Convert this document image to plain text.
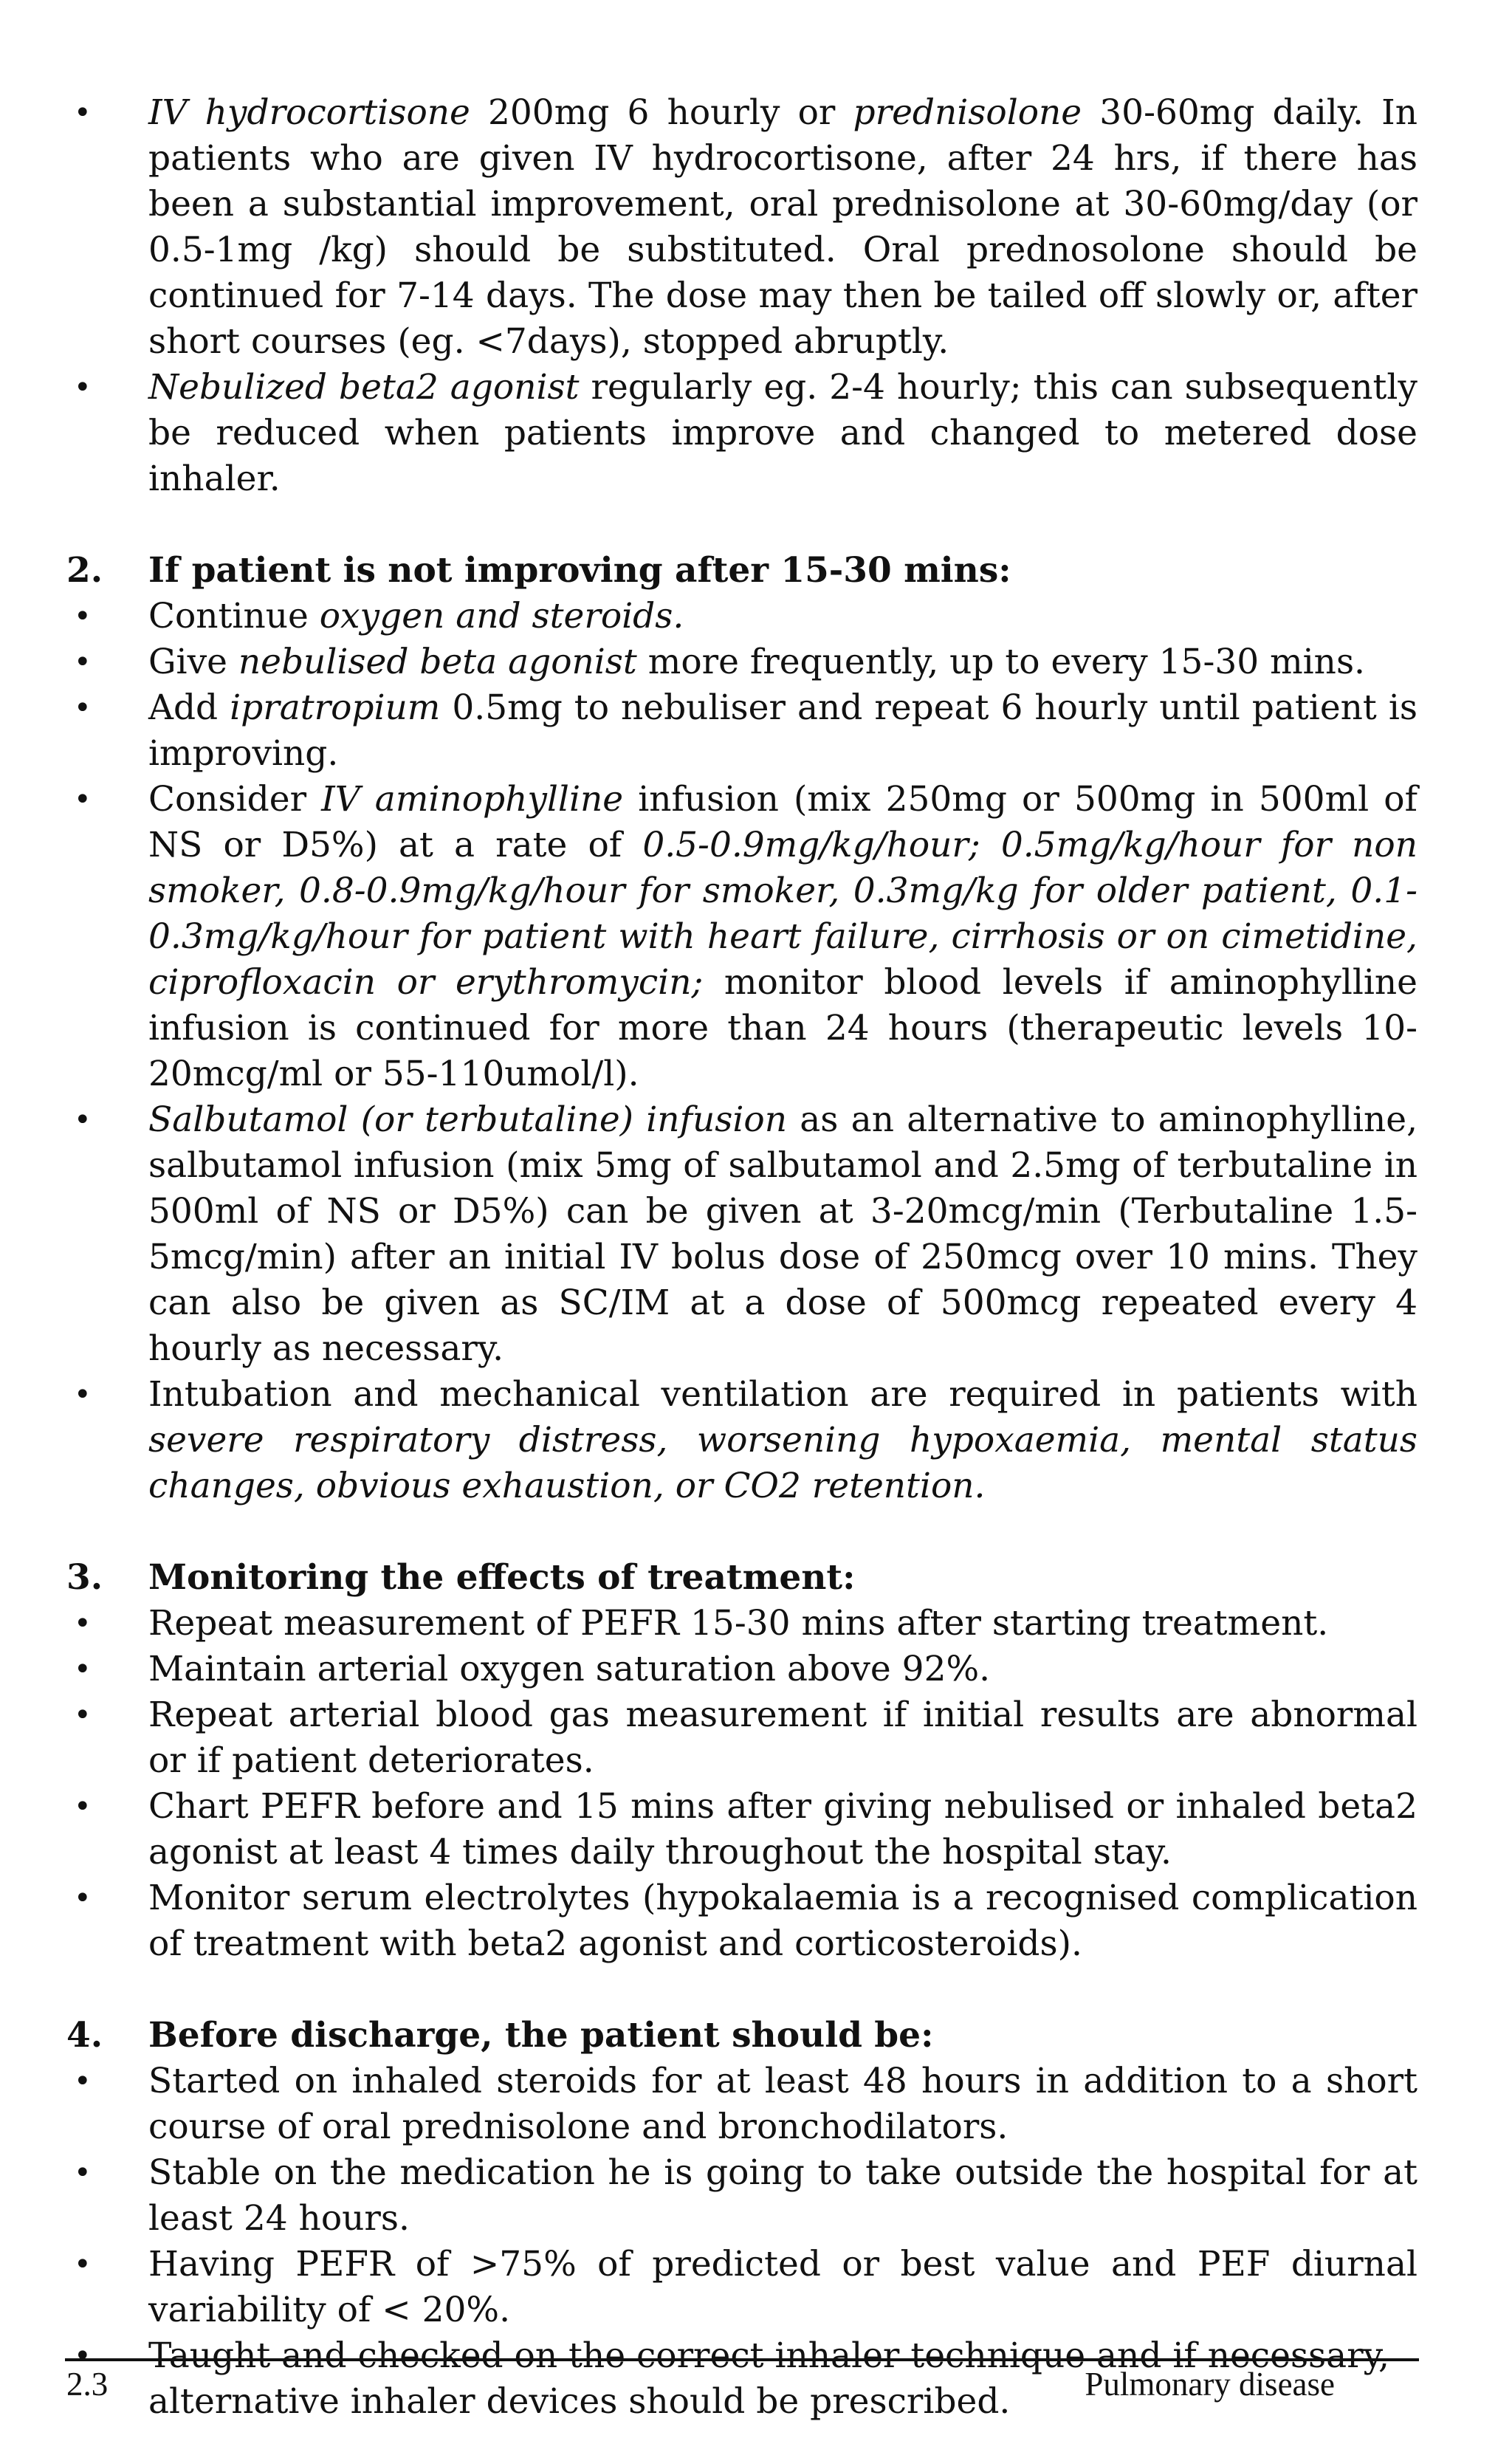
•	IV hydrocortisone 200mg 6 hourly or prednisolone 30-60mg daily. In patients who are given IV hydrocortisone, after 24 hrs, if there has been a substantial improvement, oral prednisolone at 30-60mg/day (or 0.5-1mg /kg) should be substituted. Oral prednosolone should be continued for 7-14 days. The dose may then be tailed off slowly or, after short courses (eg. <7days), stopped abruptly.
•	Nebulized beta2 agonist regularly eg. 2-4 hourly; this can subsequently be reduced when patients improve and changed to metered dose inhaler.
2.	If patient is not improving after 15-30 mins:
•	Continue oxygen and steroids.
•	Give nebulised beta agonist more frequently, up to every 15-30 mins.
•	Add ipratropium 0.5mg to nebuliser and repeat 6 hourly until patient is improving.
•	Consider IV aminophylline infusion (mix 250mg or 500mg in 500ml of NS or D5%) at a rate of 0.5-0.9mg/kg/hour; 0.5mg/kg/hour for non smoker, 0.8-0.9mg/kg/hour for smoker, 0.3mg/kg for older patient, 0.1-0.3mg/kg/hour for patient with heart failure, cirrhosis or on cimetidine, ciprofloxacin or erythromycin; monitor blood levels if aminophylline infusion is continued for more than 24 hours (therapeutic levels 10-20mcg/ml or 55-110umol/l).
•	Salbutamol (or terbutaline) infusion as an alternative to aminophylline, salbutamol infusion (mix 5mg of salbutamol and 2.5mg of terbutaline in 500ml of NS or D5%) can be given at 3-20mcg/min (Terbutaline 1.5-5mcg/min) after an initial IV bolus dose of 250mcg over 10 mins. They can also be given as SC/IM at a dose of 500mcg repeated every 4 hourly as necessary.
•	Intubation and mechanical ventilation are required in patients with severe respiratory distress, worsening hypoxaemia, mental status changes, obvious exhaustion, or CO2 retention.
3.	Monitoring the effects of treatment:
•	Repeat measurement of PEFR 15-30 mins after starting treatment.
•	Maintain arterial oxygen saturation above 92%.
•	Repeat arterial blood gas measurement if initial results are abnormal or if patient deteriorates.
•	Chart PEFR before and 15 mins after giving nebulised or inhaled beta2 agonist at least 4 times daily throughout the hospital stay.
•	Monitor serum electrolytes (hypokalaemia is a recognised complication of treatment with beta2 agonist and corticosteroids).
4.	Before discharge, the patient should be:
•	Started on inhaled steroids for at least 48 hours in addition to a short course of oral prednisolone and bronchodilators.
•	Stable on the medication he is going to take outside the hospital for at least 24 hours.
•	Having PEFR of >75% of predicted or best value and PEF diurnal variability of < 20%.
•	Taught and checked on the correct inhaler technique and if necessary, alternative inhaler devices should be prescribed.
2.3	Pulmonary disease
